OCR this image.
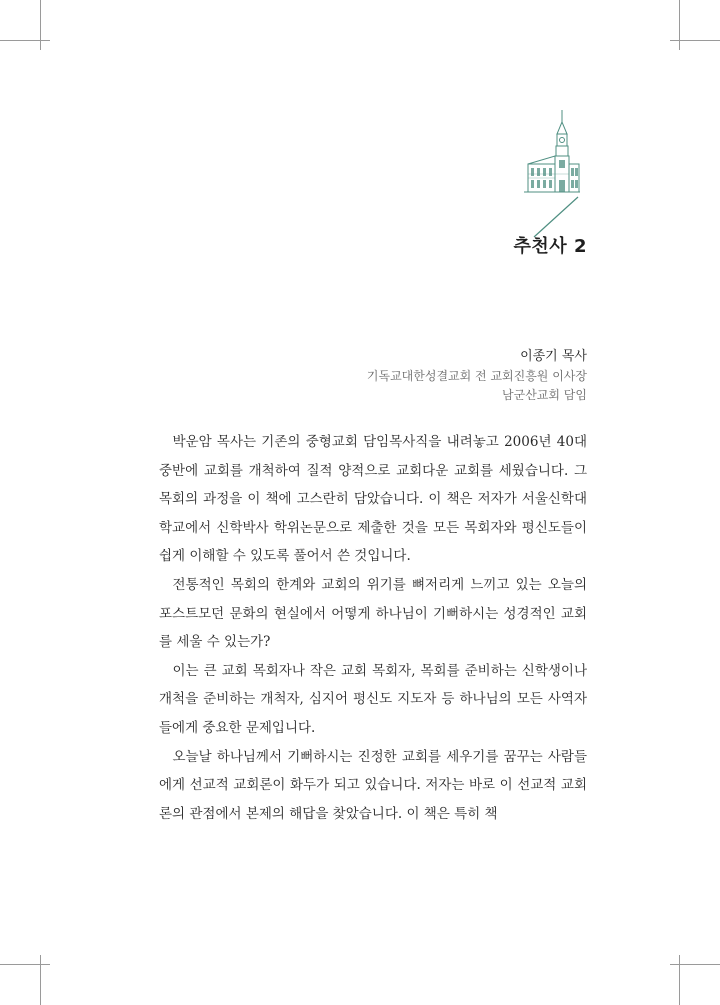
추천사 2
이종기 목사
기독교대한성결교회 전 교회진흥원 이사장
남군산교회 담임

박운암 목사는 기존의 중형교회 담임목사직을 내려놓고 2006년 40대 중반에 교회를 개척하여 질적 양적으로 교회다운 교회를 세웠습니다. 그 목회의 과정을 이 책에 고스란히 담았습니다. 이 책은 저자가 서울신학대학교에서 신학박사 학위논문으로 제출한 것을 모든 목회자와 평신도들이 쉽게 이해할 수 있도록 풀어서 쓴 것입니다.

전통적인 목회의 한계와 교회의 위기를 뼈저리게 느끼고 있는 오늘의 포스트모던 문화의 현실에서 어떻게 하나님이 기뻐하시는 성경적인 교회를 세울 수 있는가?

이는 큰 교회 목회자나 작은 교회 목회자, 목회를 준비하는 신학생이나 개척을 준비하는 개척자, 심지어 평신도 지도자 등 하나님의 모든 사역자들에게 중요한 문제입니다.

오늘날 하나님께서 기뻐하시는 진정한 교회를 세우기를 꿈꾸는 사람들에게 선교적 교회론이 화두가 되고 있습니다. 저자는 바로 이 선교적 교회론의 관점에서 본제의 해답을 찾았습니다. 이 책은 특히 책
